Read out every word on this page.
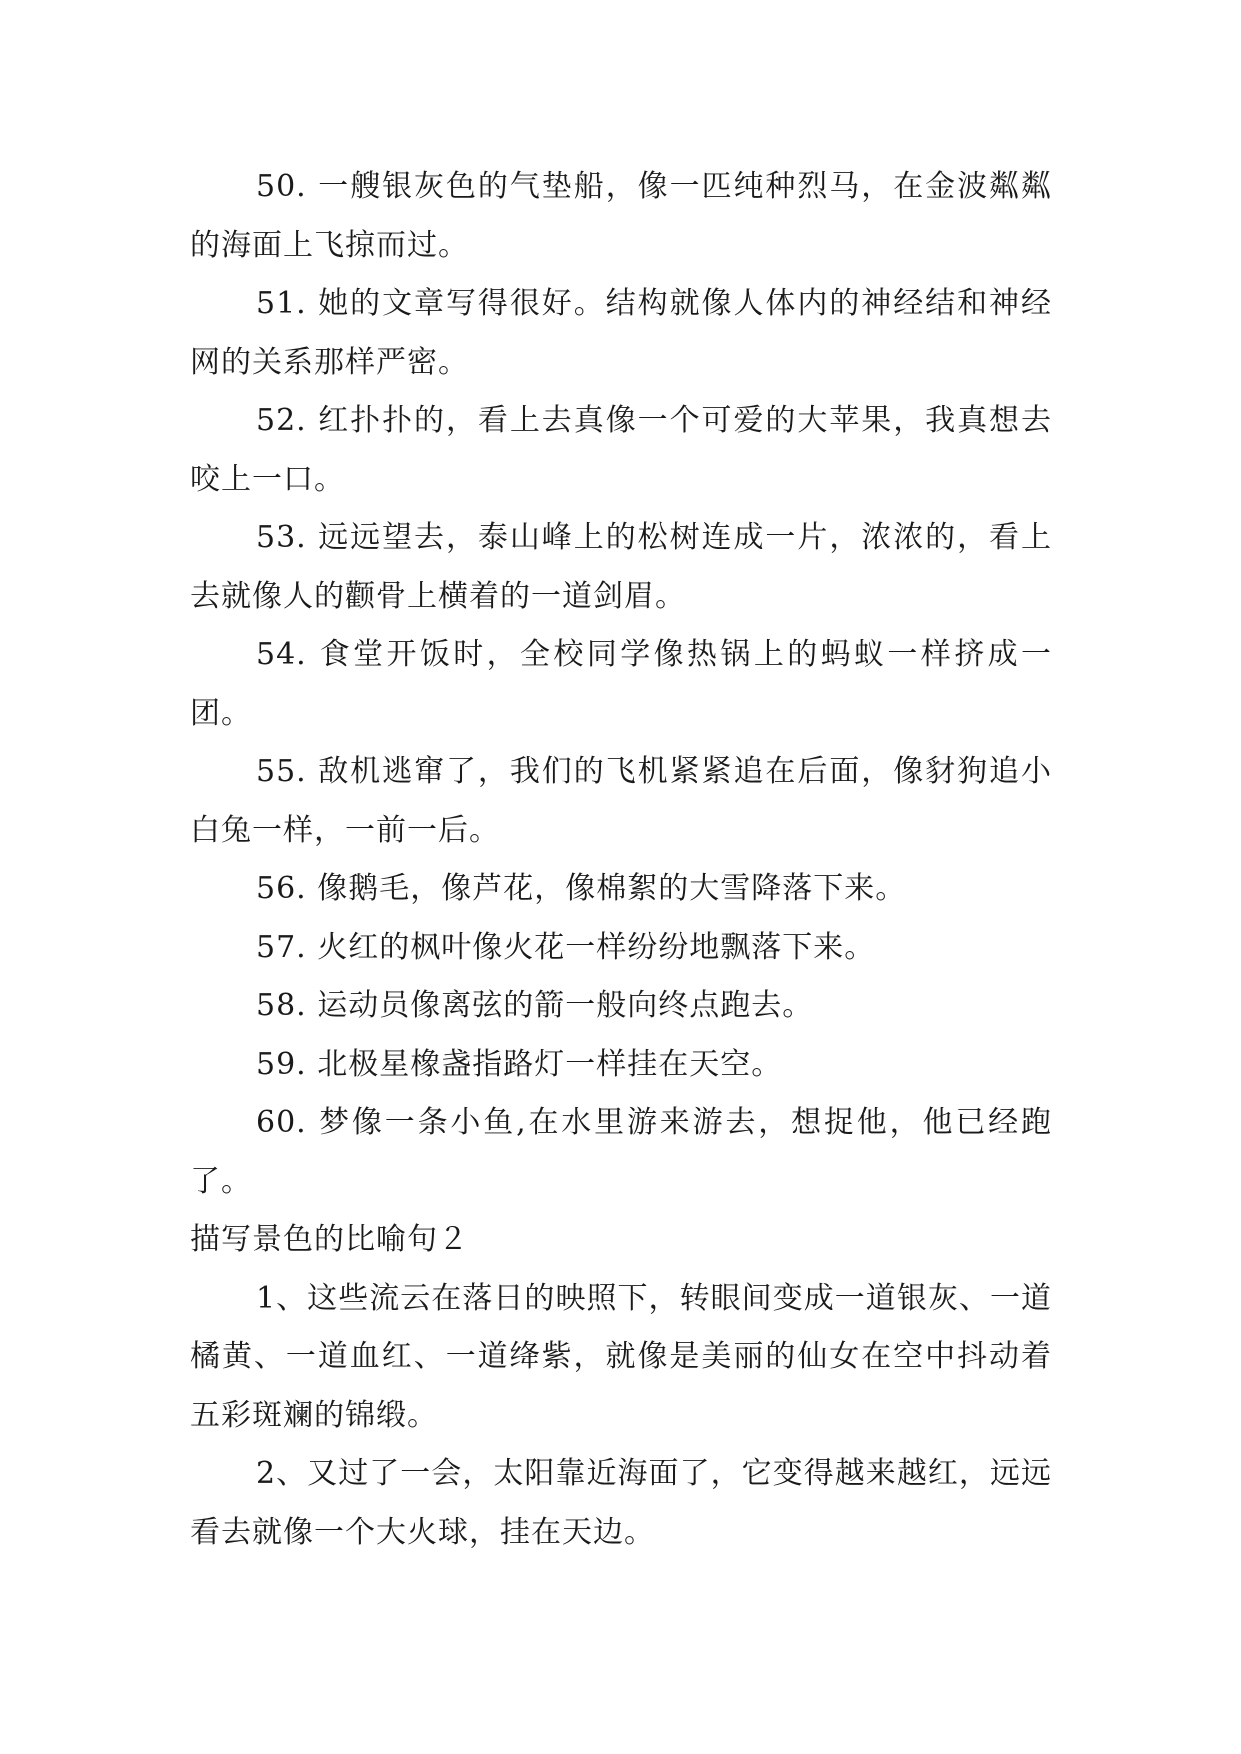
50. 一艘银灰色的气垫船，像一匹纯种烈马，在金波粼粼的海面上飞掠而过。

51. 她的文章写得很好。结构就像人体内的神经结和神经网的关系那样严密。

52. 红扑扑的，看上去真像一个可爱的大苹果，我真想去咬上一口。

53. 远远望去，泰山峰上的松树连成一片，浓浓的，看上去就像人的颧骨上横着的一道剑眉。

54. 食堂开饭时，全校同学像热锅上的蚂蚁一样挤成一团。

55. 敌机逃窜了，我们的飞机紧紧追在后面，像豺狗追小白兔一样，一前一后。

56. 像鹅毛，像芦花，像棉絮的大雪降落下来。

57. 火红的枫叶像火花一样纷纷地飘落下来。

58. 运动员像离弦的箭一般向终点跑去。

59. 北极星橡盏指路灯一样挂在天空。

60. 梦像一条小鱼,在水里游来游去，想捉他，他已经跑了。

描写景色的比喻句２

1、这些流云在落日的映照下，转眼间变成一道银灰、一道橘黄、一道血红、一道绛紫，就像是美丽的仙女在空中抖动着五彩斑斓的锦缎。

2、又过了一会，太阳靠近海面了，它变得越来越红，远远看去就像一个大火球，挂在天边。
